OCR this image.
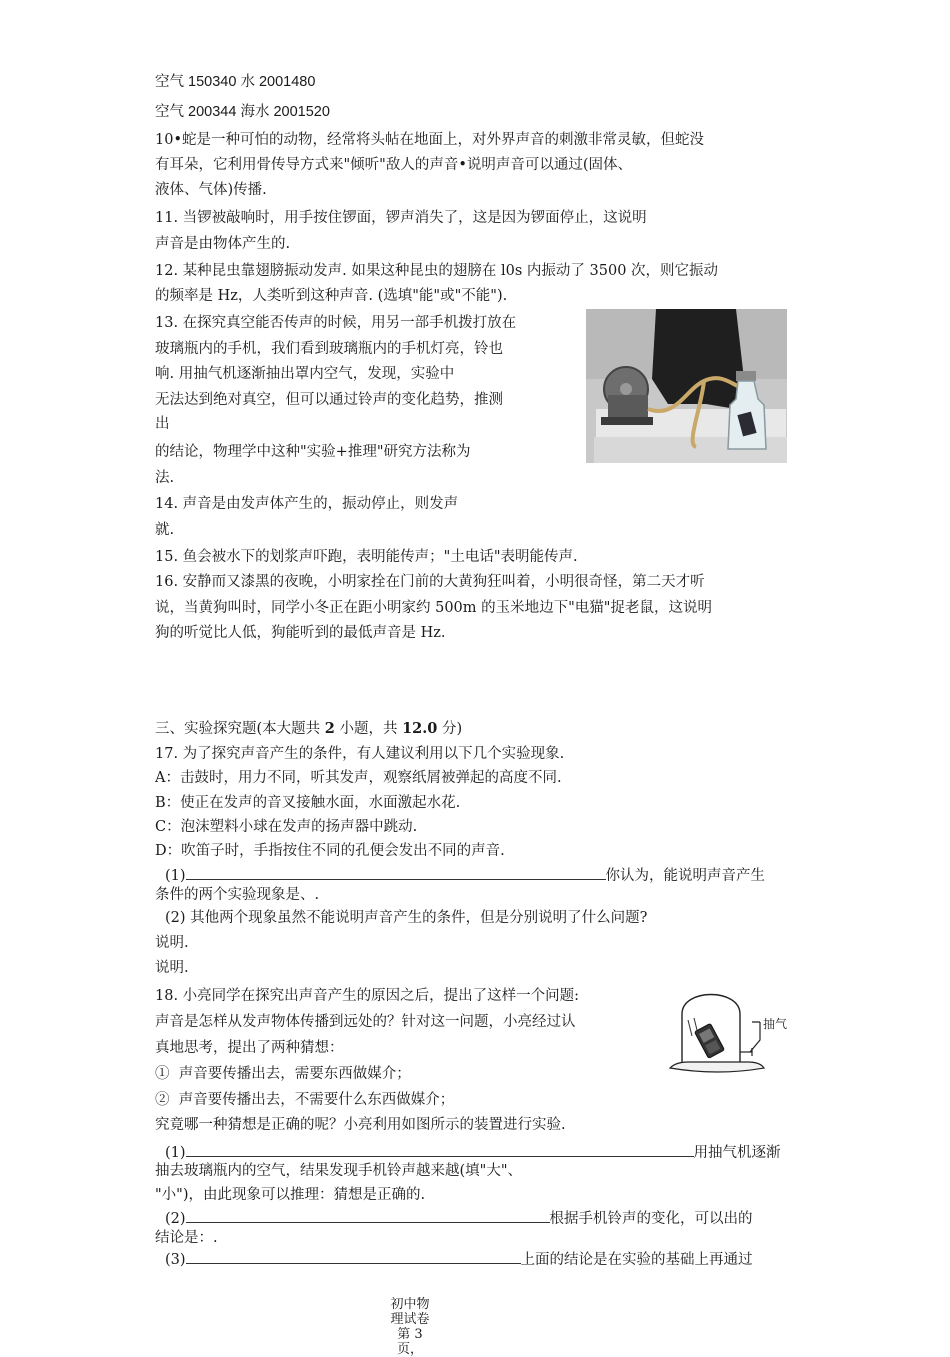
空气 150340 水 2001480
空气 200344 海水 2001520
10•蛇是一种可怕的动物，经常将头帖在地面上，对外界声音的刺激非常灵敏，但蛇没
有耳朵，它利用骨传导方式来"倾听"敌人的声音•说明声音可以通过(固体、
液体、气体)传播.
11. 当锣被敲响时，用手按住锣面，锣声消失了，这是因为锣面停止，这说明
声音是由物体产生的.
12. 某种昆虫靠翅膀振动发声. 如果这种昆虫的翅膀在 l0s 内振动了 3500 次，则它振动
的频率是 Hz，人类听到这种声音. (选填"能"或"不能").
13. 在探究真空能否传声的时候，用另一部手机拨打放在
玻璃瓶内的手机，我们看到玻璃瓶内的手机灯亮，铃也
响. 用抽气机逐渐抽出罩内空气，发现，实验中
无法达到绝对真空，但可以通过铃声的变化趋势，推测
出
的结论，物理学中这种"实验+推理"研究方法称为
法.
14. 声音是由发声体产生的，振动停止，则发声
就.
15. 鱼会被水下的划浆声吓跑，表明能传声；"土电话"表明能传声.
16. 安静而又漆黑的夜晚，小明家拴在门前的大黄狗狂叫着，小明很奇怪，第二天才听
说，当黄狗叫时，同学小冬正在距小明家约 500m 的玉米地边下"电猫"捉老鼠，这说明
狗的听觉比人低，狗能听到的最低声音是 Hz.
三、实验探究题(本大题共 2 小题，共 12.0 分)
17. 为了探究声音产生的条件，有人建议利用以下几个实验现象.
A：击鼓时，用力不同，听其发声，观察纸屑被弹起的高度不同.
B：使正在发声的音叉接触水面，水面激起水花.
C：泡沫塑料小球在发声的扬声器中跳动.
D：吹笛子时，手指按住不同的孔便会发出不同的声音.
(1)	你认为，能说明声音产生
条件的两个实验现象是、.
(2) 其他两个现象虽然不能说明声音产生的条件，但是分别说明了什么问题?
说明.
说明.
18. 小亮同学在探究出声音产生的原因之后，提出了这样一个问题:
声音是怎样从发声物体传播到远处的？针对这一问题，小亮经过认
真地思考，提出了两种猜想：
① 声音要传播出去，需要东西做媒介；
② 声音要传播出去，不需要什么东西做媒介；
究竟哪一种猜想是正确的呢？小亮利用如图所示的装置进行实验.
(1)	用抽气机逐渐
抽去玻璃瓶内的空气，结果发现手机铃声越来越(填"大"、
"小")，由此现象可以推理：猜想是正确的.
(2)	根据手机铃声的变化，可以出的
结论是：.
(3)	上面的结论是在实验的基础上再通过
抽气
初中物
理试卷
第 3 页，
